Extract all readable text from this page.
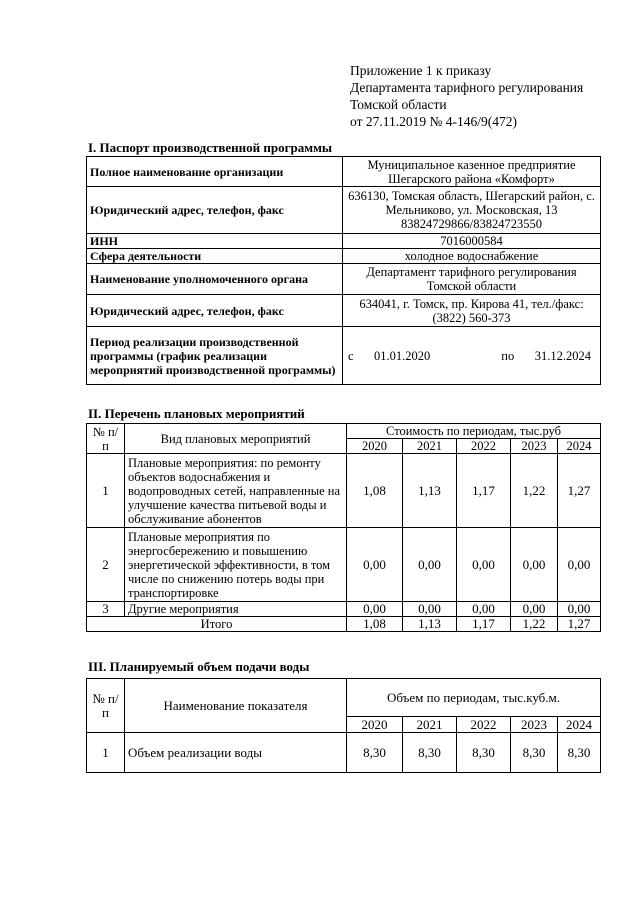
Приложение 1 к приказу
Департамента тарифного регулирования
Томской области
от 27.11.2019 № 4-146/9(472)
I. Паспорт производственной программы
Полное наименование организации	Муниципальное казенное предприятие Шегарского района «Комфорт»
Юридический адрес, телефон, факс	636130, Томская область, Шегарский район, с. Мельниково, ул. Московская, 13 83824729866/83824723550
ИНН	7016000584
Сфера деятельности	холодное водоснабжение
Наименование уполномоченного органа	Департамент тарифного регулирования Томской области
Юридический адрес, телефон, факс	634041, г. Томск, пр. Кирова 41, тел./факс: (3822) 560-373
Период реализации производственной программы (график реализации мероприятий производственной программы)	с 01.01.2020 по 31.12.2024
II. Перечень плановых мероприятий
№ п/п	Вид плановых мероприятий	Стоимость по периодам, тыс.руб				
		2020	2021	2022	2023	2024
1	Плановые мероприятия: по ремонту объектов водоснабжения и водопроводных сетей, направленные на улучшение качества питьевой воды и обслуживание абонентов	1,08	1,13	1,17	1,22	1,27
2	Плановые мероприятия по энергосбережению и повышению энергетической эффективности, в том числе по снижению потерь воды при транспортировке	0,00	0,00	0,00	0,00	0,00
3	Другие мероприятия	0,00	0,00	0,00	0,00	0,00
Итого		1,08	1,13	1,17	1,22	1,27
III. Планируемый объем подачи воды
№ п/п	Наименование показателя	Объем по периодам, тыс.куб.м.				
		2020	2021	2022	2023	2024
1	Объем реализации воды	8,30	8,30	8,30	8,30	8,30
